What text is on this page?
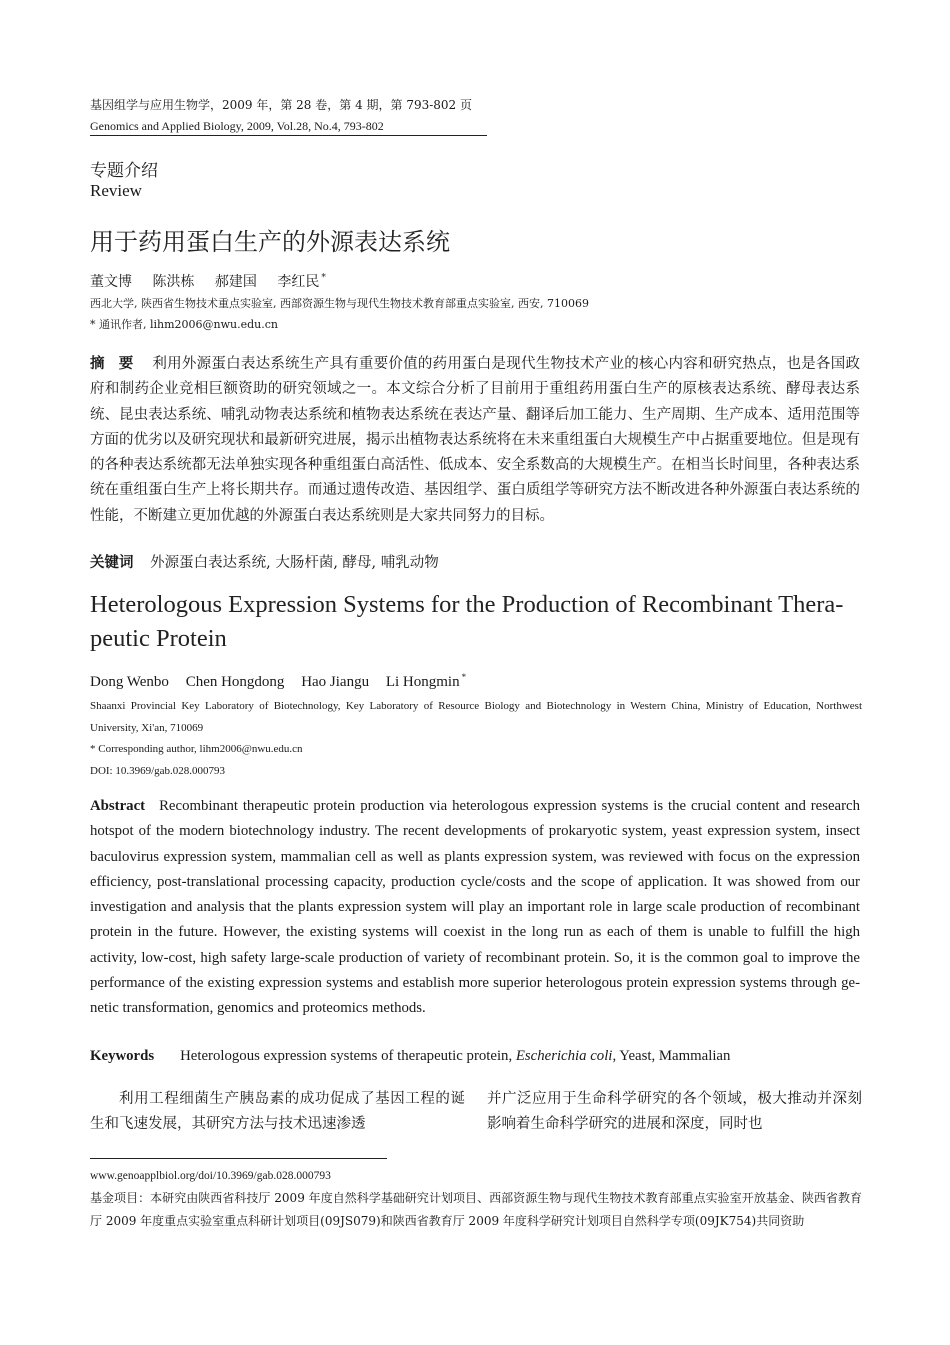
基因组学与应用生物学，2009 年，第 28 卷，第 4 期，第 793-802 页
Genomics and Applied Biology, 2009, Vol.28, No.4, 793-802
专题介绍
Review
用于药用蛋白生产的外源表达系统
董文博 陈洪栋 郝建国 李红民 *
西北大学, 陕西省生物技术重点实验室, 西部资源生物与现代生物技术教育部重点实验室, 西安, 710069
* 通讯作者, lihm2006@nwu.edu.cn
摘要 利用外源蛋白表达系统生产具有重要价值的药用蛋白是现代生物技术产业的核心内容和研究热点，也是各国政府和制药企业竞相巨额资助的研究领域之一。本文综合分析了目前用于重组药用蛋白生产的原核表达系统、酵母表达系统、昆虫表达系统、哺乳动物表达系统和植物表达系统在表达产量、翻译后加工能力、生产周期、生产成本、适用范围等方面的优劣以及研究现状和最新研究进展，揭示出植物表达系统将在未来重组蛋白大规模生产中占据重要地位。但是现有的各种表达系统都无法单独实现各种重组蛋白高活性、低成本、安全系数高的大规模生产。在相当长时间里，各种表达系统在重组蛋白生产上将长期共存。而通过遗传改造、基因组学、蛋白质组学等研究方法不断改进各种外源蛋白表达系统的性能，不断建立更加优越的外源蛋白表达系统则是大家共同努力的目标。
关键词 外源蛋白表达系统, 大肠杆菌, 酵母, 哺乳动物
Heterologous Expression Systems for the Production of Recombinant Thera-peutic Protein
Dong Wenbo Chen Hongdong Hao Jiangu Li Hongmin *
Shaanxi Provincial Key Laboratory of Biotechnology, Key Laboratory of Resource Biology and Biotechnology in Western China, Ministry of Education, Northwest University, Xi'an, 710069
* Corresponding author, lihm2006@nwu.edu.cn
DOI: 10.3969/gab.028.000793
Abstract Recombinant therapeutic protein production via heterologous expression systems is the crucial content and research hotspot of the modern biotechnology industry. The recent developments of prokaryotic system, yeast expression system, insect baculovirus expression system, mammalian cell as well as plants expression system, was reviewed with focus on the expression efficiency, post-translational processing capacity, production cycle/costs and the scope of application. It was showed from our investigation and analysis that the plants expression system will play an important role in large scale production of recombinant protein in the future. However, the existing systems will coexist in the long run as each of them is unable to fulfill the high activity, low-cost, high safety large-scale production of variety of recombinant protein. So, it is the common goal to improve the performance of the existing expression systems and establish more superior heterologous protein expression systems through ge-netic transformation, genomics and proteomics methods.
Keywords Heterologous expression systems of therapeutic protein, Escherichia coli, Yeast, Mammalian
利用工程细菌生产胰岛素的成功促成了基因工程的诞生和飞速发展，其研究方法与技术迅速渗透
并广泛应用于生命科学研究的各个领域，极大推动并深刻影响着生命科学研究的进展和深度，同时也
www.genoapplbiol.org/doi/10.3969/gab.028.000793
基金项目：本研究由陕西省科技厅 2009 年度自然科学基础研究计划项目、西部资源生物与现代生物技术教育部重点实验室开放基金、陕西省教育厅 2009 年度重点实验室重点科研计划项目(09JS079)和陕西省教育厅 2009 年度科学研究计划项目自然科学专项(09JK754)共同资助
